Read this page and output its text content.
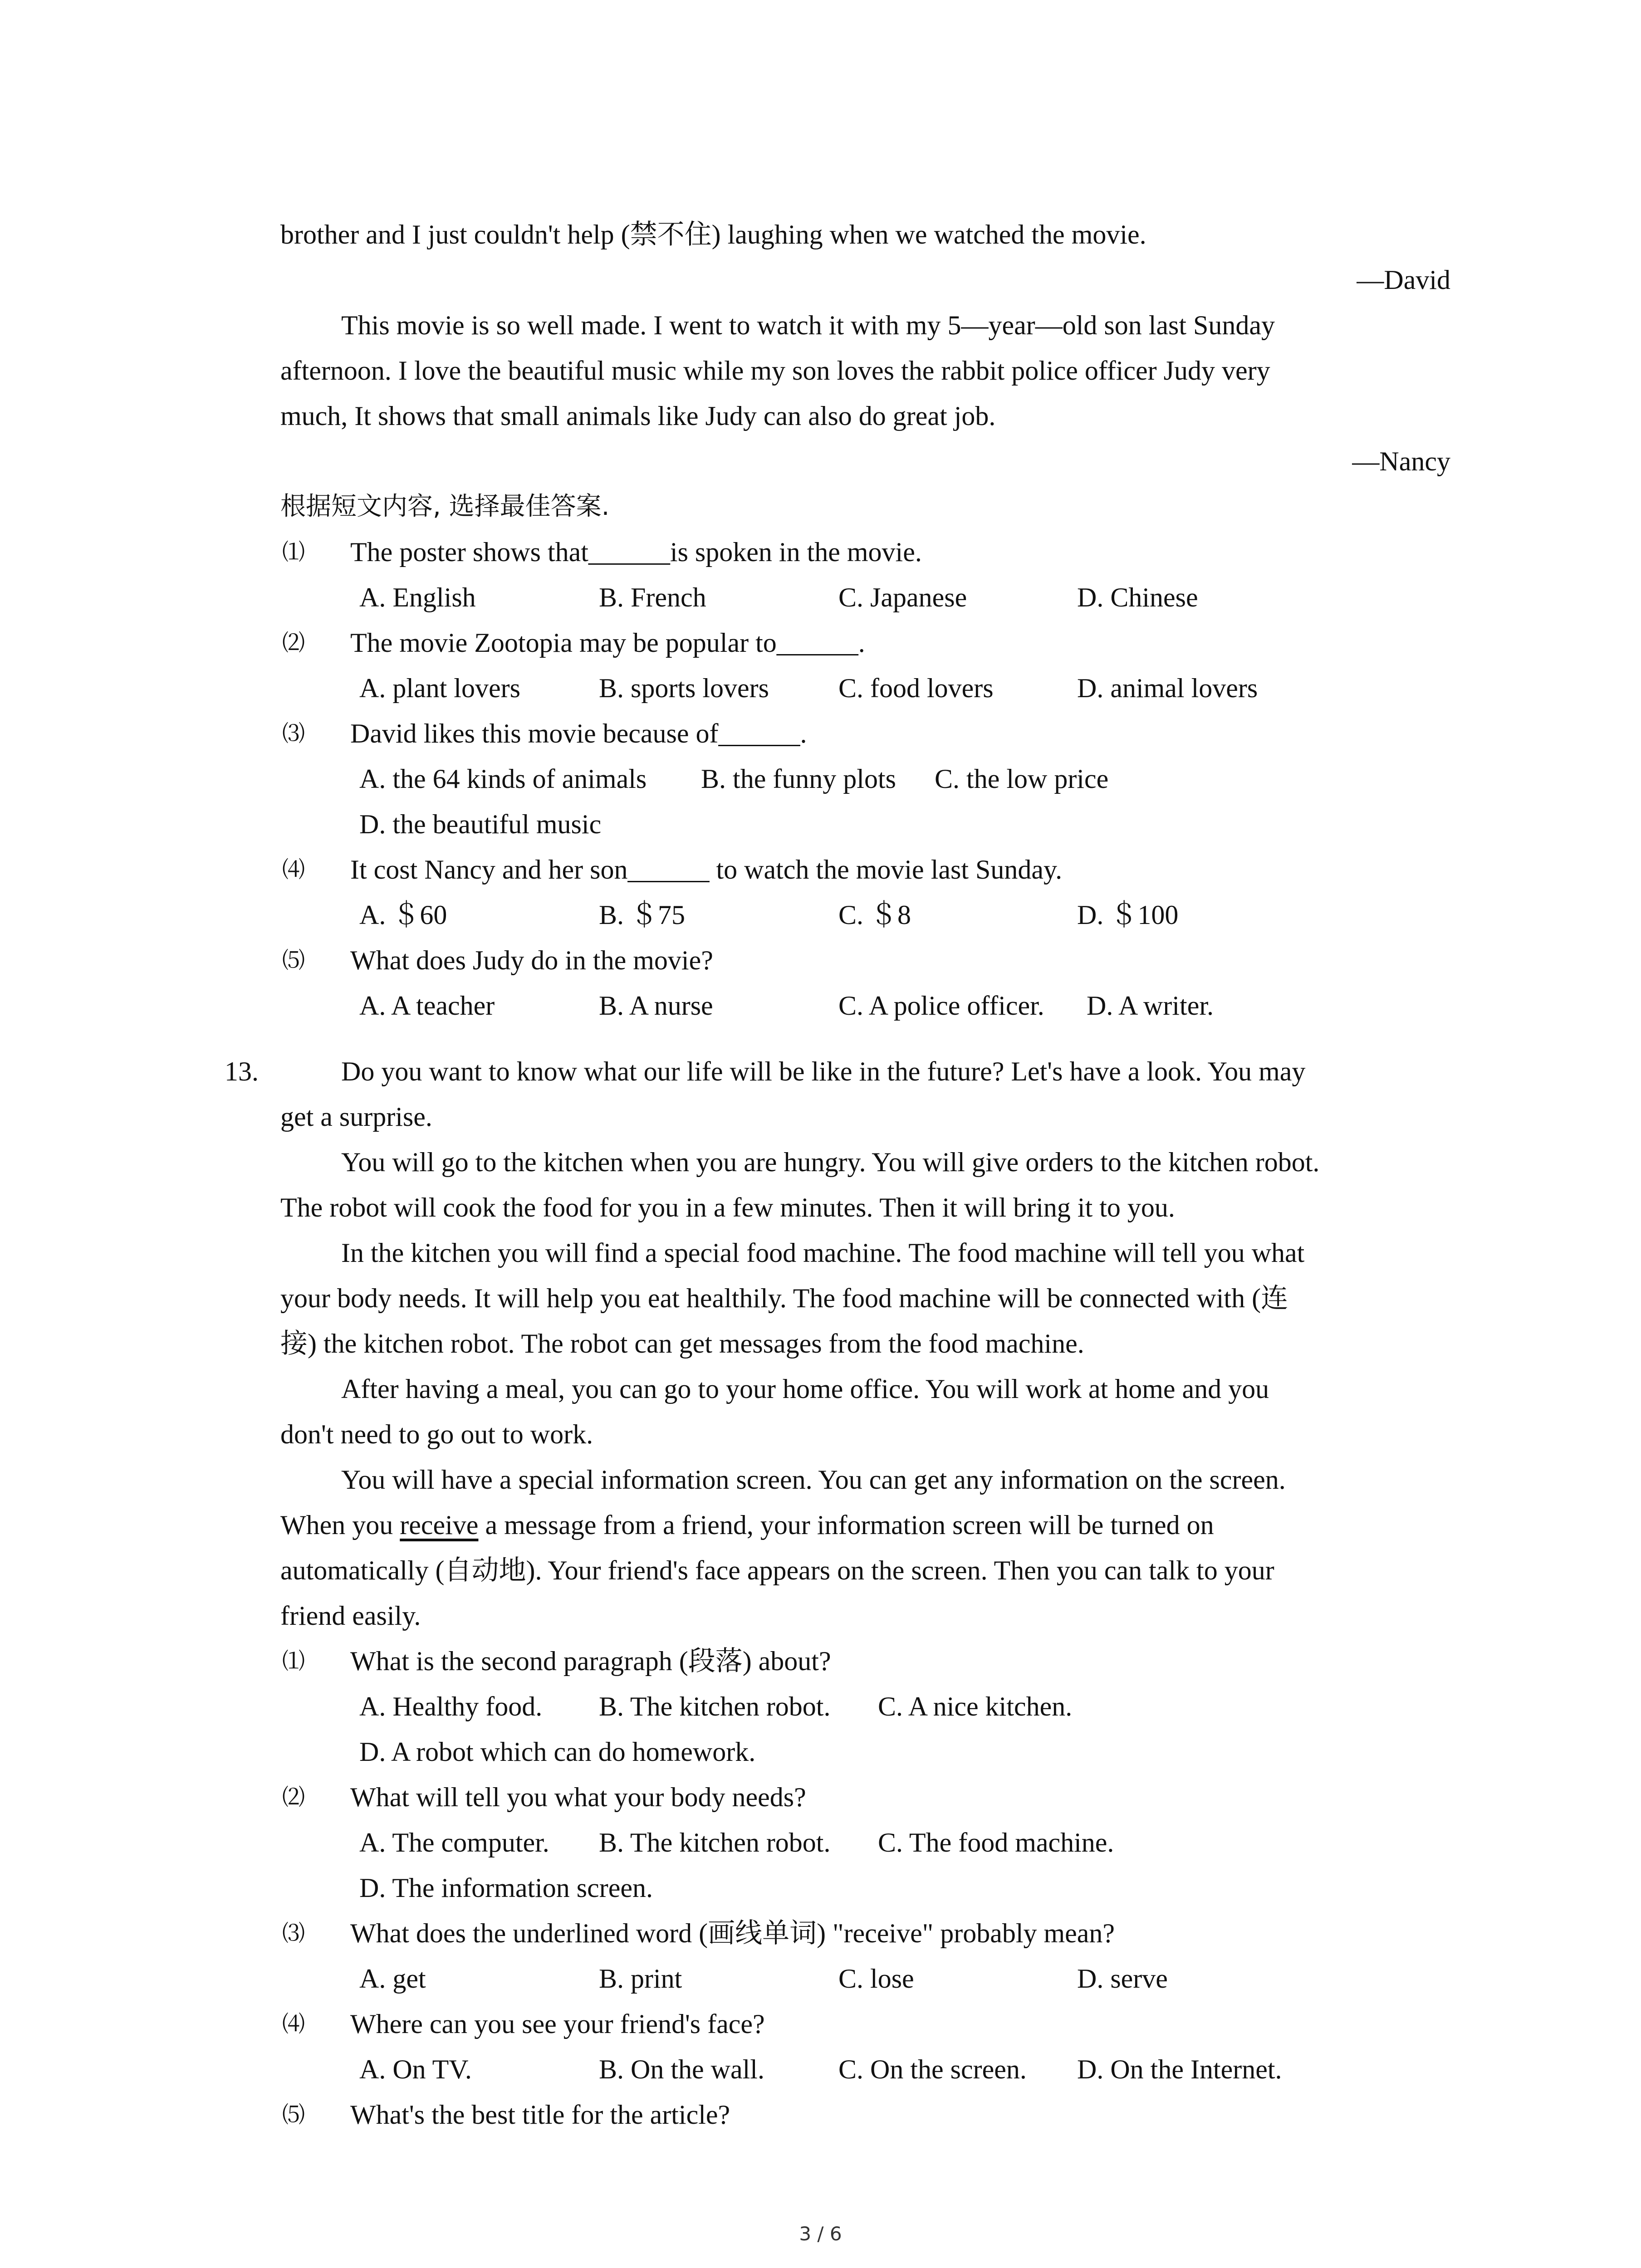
brother and I just couldn't help (禁不住) laughing when we watched the movie.
—David
This movie is so well made. I went to watch it with my 5—year—old son last Sunday
afternoon. I love the beautiful music while my son loves the rabbit police officer Judy very
much, It shows that small animals like Judy can also do great job.
—Nancy
根据短文内容, 选择最佳答案.
⑴ The poster shows that______is spoken in the movie.
A. English	B. French	C. Japanese	D. Chinese
⑵ The movie Zootopia may be popular to______.
A. plant lovers	B. sports lovers	C. food lovers	D. animal lovers
⑶ David likes this movie because of______.
A. the 64 kinds of animals B. the funny plots C. the low price
D. the beautiful music
⑷ It cost Nancy and her son______ to watch the movie last Sunday.
A. ＄60	B. ＄75	C. ＄8	D. ＄100
⑸ What does Judy do in the movie?
A. A teacher	B. A nurse	C. A police officer. D. A writer.
13.	Do you want to know what our life will be like in the future? Let's have a look. You may
get a surprise.
You will go to the kitchen when you are hungry. You will give orders to the kitchen robot.
The robot will cook the food for you in a few minutes. Then it will bring it to you.
In the kitchen you will find a special food machine. The food machine will tell you what
your body needs. It will help you eat healthily. The food machine will be connected with (连
接) the kitchen robot. The robot can get messages from the food machine.
After having a meal, you can go to your home office. You will work at home and you
don't need to go out to work.
You will have a special information screen. You can get any information on the screen.
When you receive a message from a friend, your information screen will be turned on
automatically (自动地). Your friend's face appears on the screen. Then you can talk to your
friend easily.
⑴ What is the second paragraph (段落) about?
A. Healthy food. B. The kitchen robot. C. A nice kitchen.
D. A robot which can do homework.
⑵ What will tell you what your body needs?
A. The computer. B. The kitchen robot. C. The food machine.
D. The information screen.
⑶ What does the underlined word (画线单词) "receive" probably mean?
A. get	B. print	C. lose	D. serve
⑷ Where can you see your friend's face?
A. On TV.	B. On the wall.	C. On the screen. D. On the Internet.
⑸ What's the best title for the article?
3 / 6
